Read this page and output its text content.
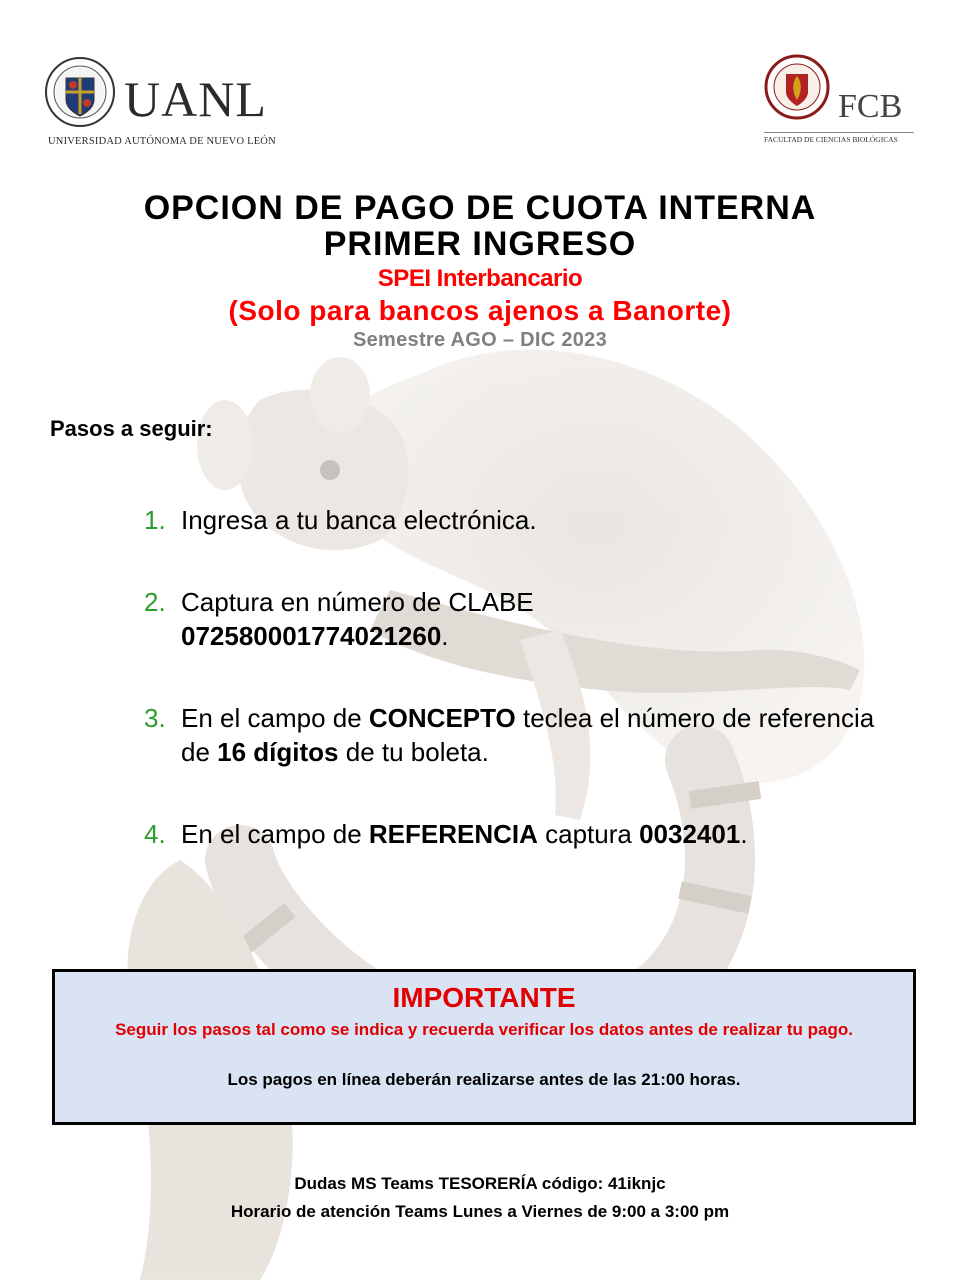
UANL
UNIVERSIDAD AUTÓNOMA DE NUEVO LEÓN
FCB
FACULTAD DE CIENCIAS BIOLÓGICAS
OPCION DE PAGO DE CUOTA INTERNA
PRIMER INGRESO
SPEI Interbancario
(Solo para bancos ajenos a Banorte)
Semestre AGO – DIC 2023
Pasos a seguir:
1. Ingresa a tu banca electrónica.
2. Captura en número de CLABE
072580001774021260.
3. En el campo de CONCEPTO teclea el número de referencia de 16 dígitos de tu boleta.
4. En el campo de REFERENCIA captura 0032401.
IMPORTANTE
Seguir los pasos tal como se indica y recuerda verificar los datos antes de realizar tu pago.
Los pagos en línea deberán realizarse antes de las 21:00 horas.
Dudas MS Teams TESORERÍA código: 41iknjc
Horario de atención Teams Lunes a Viernes de 9:00 a 3:00 pm
